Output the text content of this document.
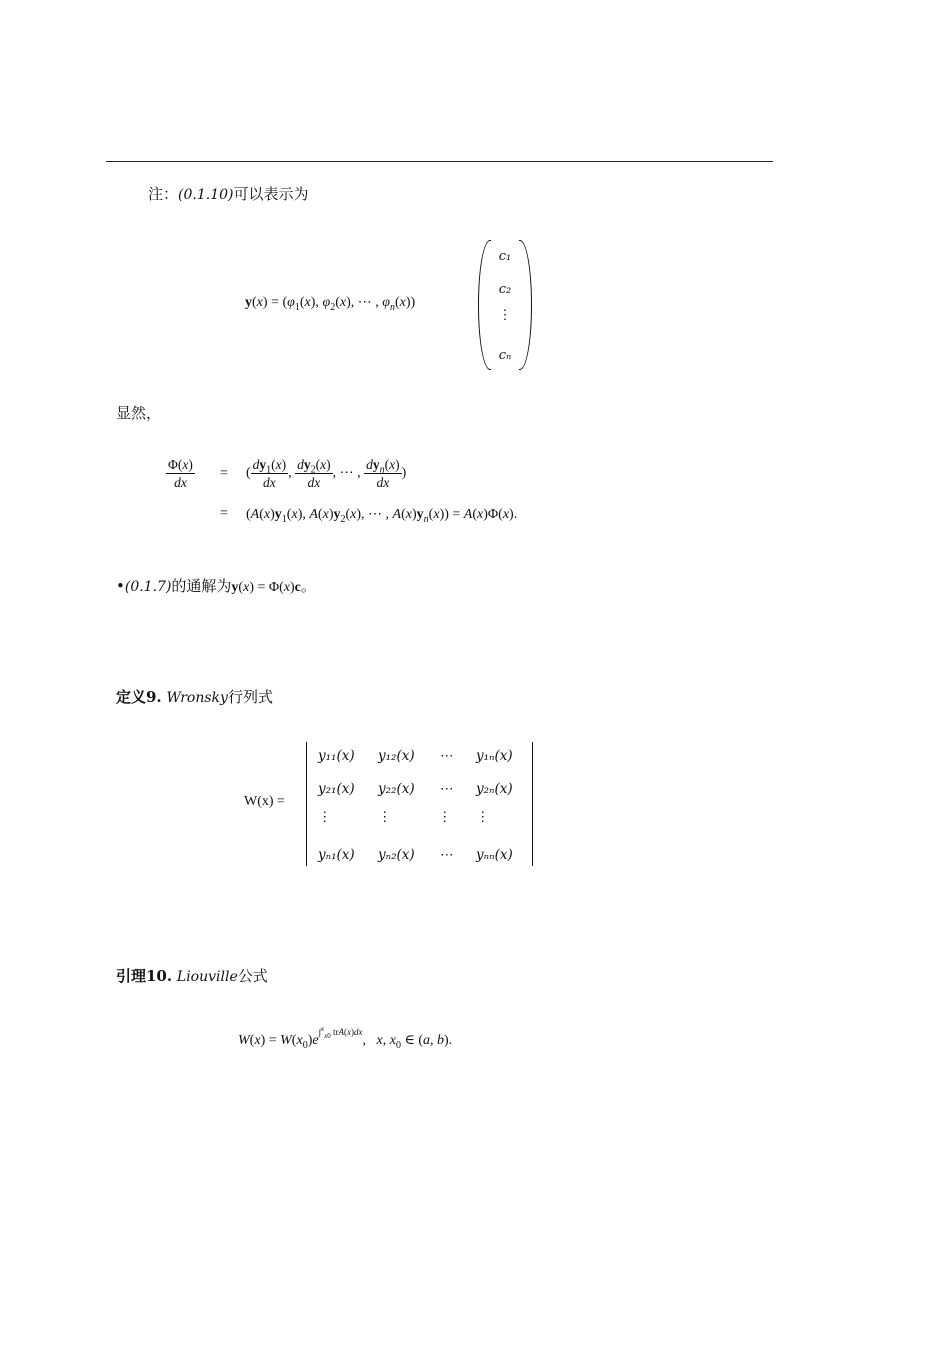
注：(0.1.10)可以表示为
$y(x) = (\varphi_1(x)$, $\varphi_2(x)$, ⋯ , $\varphi_n(x)$)
c₁
c₂
⋮
cₙ
显然，
$\frac{\Phi(x)}{dx}$ = ( $\frac{dy_1(x)}{dx}$ , $\frac{dy_2(x)}{dx}$ , ⋯ , $\frac{dy_n(x)}{dx}$ )
= ($A(x)y_1(x)$, $A(x)y_2(x)$, ⋯ , $A(x)y_n(x)) = A(x)\Phi(x)$.
•(0.1.7)的通解为y(x) = Φ(x)c。
定义9. Wronsky行列式
W(x) =
y₁₁(x) y₁₂(x) ⋯ y₁ₙ(x)
y₂₁(x) y₂₂(x) ⋯ y₂ₙ(x)
⋮	⋮	⋮ ⋮
yₙ₁(x) yₙ₂(x) ⋯ yₙₙ(x)
引理10. Liouville公式
$W(x) = W(x_0)e^{\int^x_{x0} trA(x)dx}$,   x, $x_0$ ∈ (a, b).
